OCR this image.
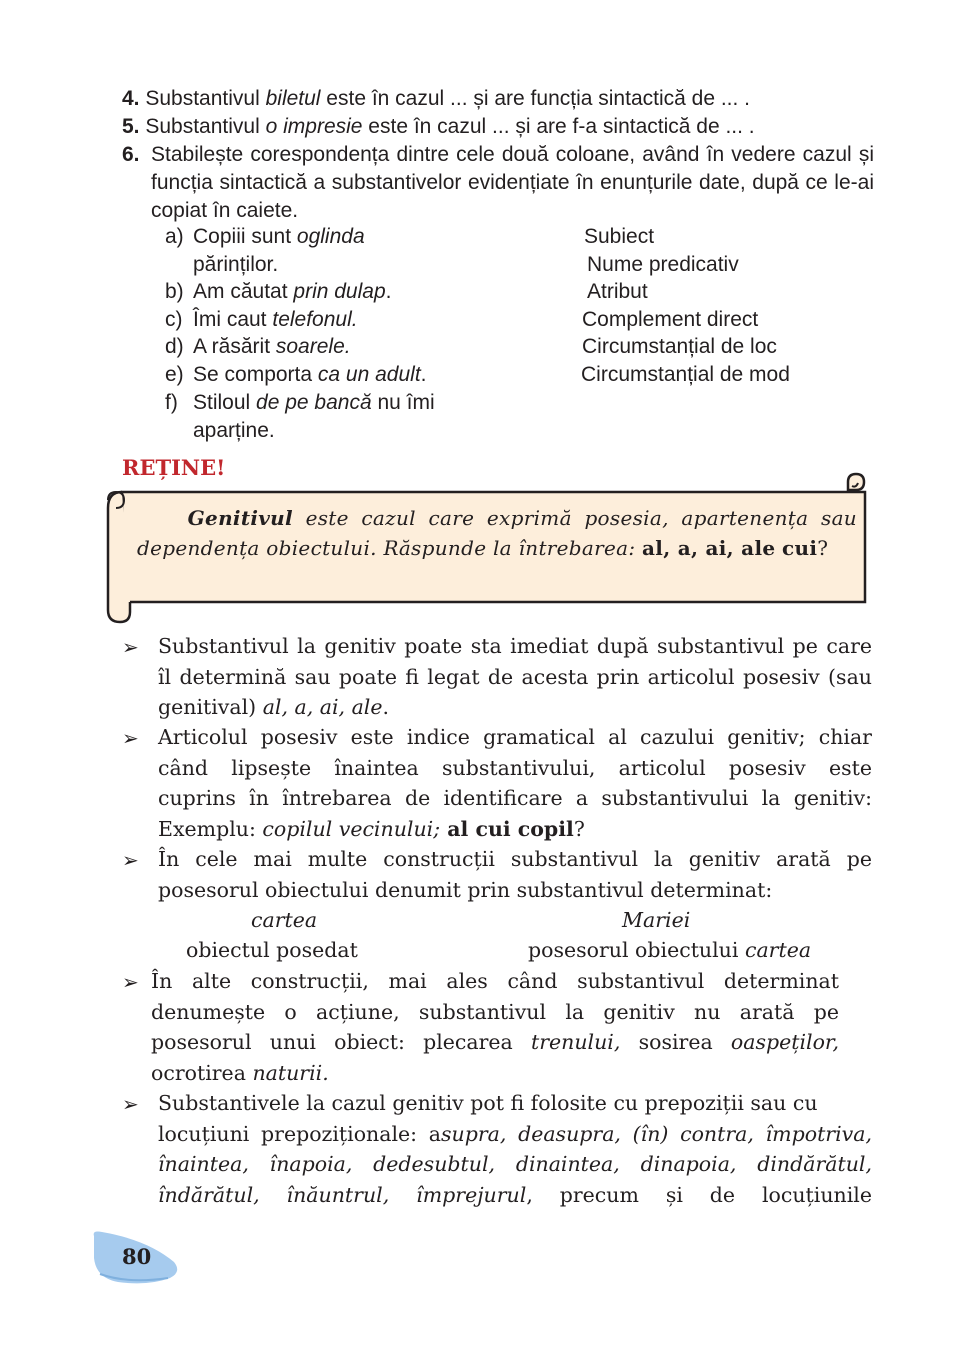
4. Substantivul biletul este în cazul ... și are funcția sintactică de ... .
5. Substantivul o impresie este în cazul ... și are f-a sintactică de ... .
6. Stabilește corespondența dintre cele două coloane, având în vedere cazul și funcția sintactică a substantivelor evidențiate în enunțurile date, după ce le-ai copiat în caiete.
a) Copiii sunt oglinda
părinților.
b) Am căutat prin dulap.
c) Îmi caut telefonul.
d) A răsărit soarele.
e) Se comporta ca un adult.
f) Stiloul de pe bancă nu îmi
aparține.
Subiect
Nume predicativ
Atribut
Complement direct
Circumstanțial de loc
Circumstanțial de mod
REȚINE!
Genitivul este cazul care exprimă posesia, apartenența sau dependența obiectului. Răspunde la întrebarea: al, a, ai, ale cui?
➢ Substantivul la genitiv poate sta imediat după substantivul pe care
îl determină sau poate fi legat de acesta prin articolul posesiv (sau
genitival) al, a, ai, ale.
➢ Articolul posesiv este indice gramatical al cazului genitiv; chiar
când lipsește înaintea substantivului, articolul posesiv este
cuprins în întrebarea de identificare a substantivului la genitiv:
Exemplu: copilul vecinului; al cui copil?
➢ În cele mai multe construcții substantivul la genitiv arată pe
posesorul obiectului denumit prin substantivul determinat:
cartea	Mariei
obiectul posedat	posesorul obiectului cartea
➢ În alte construcții, mai ales când substantivul determinat
denumește o acțiune, substantivul la genitiv nu arată pe
posesorul unui obiect: plecarea trenului, sosirea oaspeților,
ocrotirea naturii.
➢ Substantivele la cazul genitiv pot fi folosite cu prepoziții sau cu
locuțiuni prepoziționale: asupra, deasupra, (în) contra, împotriva,
înaintea, înapoia, dedesubtul, dinaintea, dinapoia, dindărătul,
îndărătul, înăuntrul, împrejurul, precum și de locuțiunile
80
